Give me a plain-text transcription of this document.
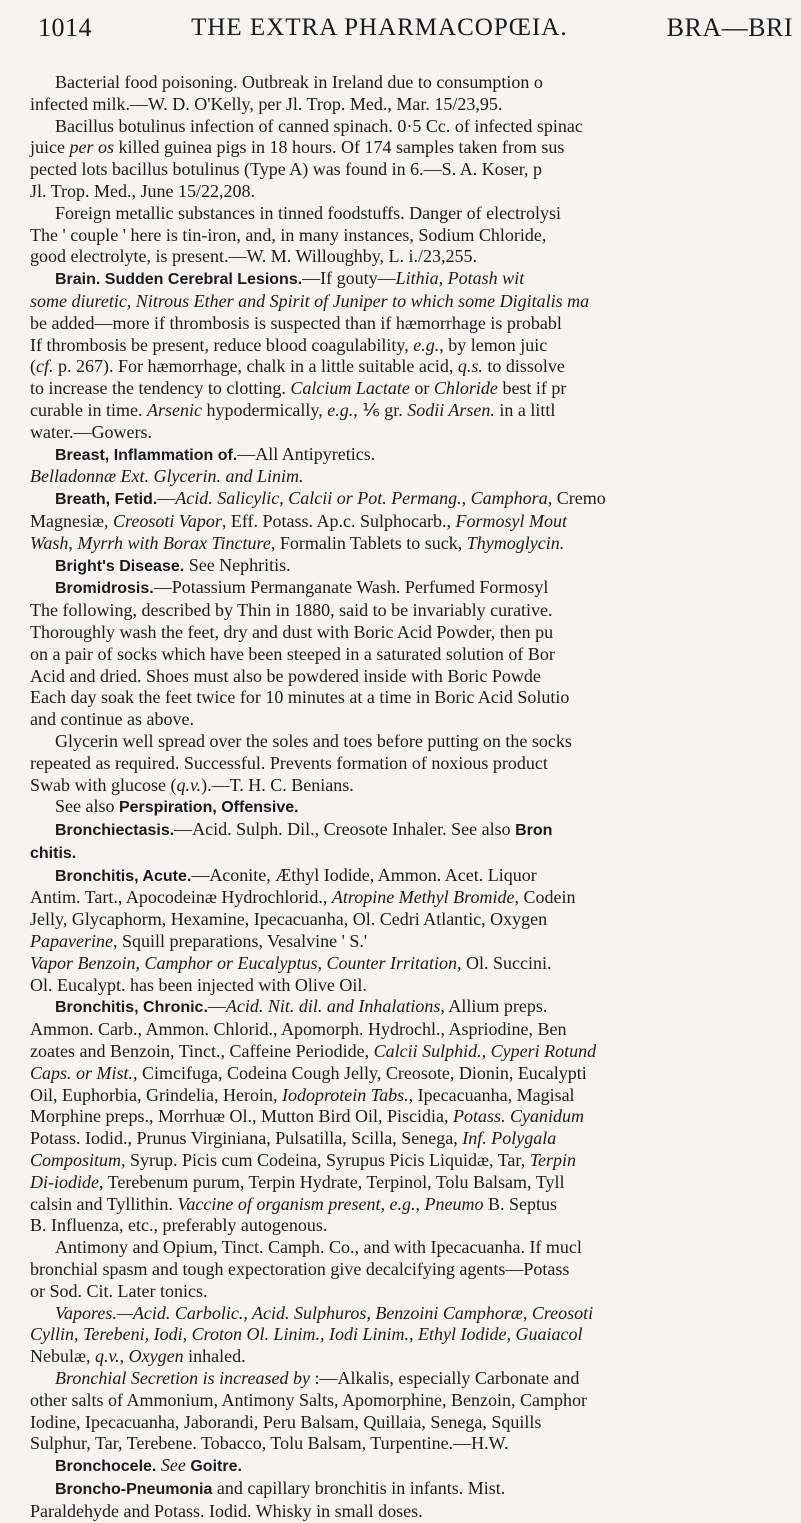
1014	THE EXTRA PHARMACOPŒIA.	BRA—BRI

Bacterial food poisoning. Outbreak in Ireland due to consumption o

infected milk.—W. D. O'Kelly, per Jl. Trop. Med., Mar. 15/23,95.

Bacillus botulinus infection of canned spinach. 0·5 Cc. of infected spinac

juice per os killed guinea pigs in 18 hours. Of 174 samples taken from sus

pected lots bacillus botulinus (Type A) was found in 6.—S. A. Koser, p

Jl. Trop. Med., June 15/22,208.

Foreign metallic substances in tinned foodstuffs. Danger of electrolysi

The ' couple ' here is tin-iron, and, in many instances, Sodium Chloride,

good electrolyte, is present.—W. M. Willoughby, L. i./23,255.

Brain. Sudden Cerebral Lesions.—If gouty—Lithia, Potash wit

some diuretic, Nitrous Ether and Spirit of Juniper to which some Digitalis ma

be added—more if thrombosis is suspected than if hæmorrhage is probabl

If thrombosis be present, reduce blood coagulability, e.g., by lemon juic

(cf. p. 267). For hæmorrhage, chalk in a little suitable acid, q.s. to dissolve

to increase the tendency to clotting. Calcium Lactate or Chloride best if pr

curable in time. Arsenic hypodermically, e.g., ⅙ gr. Sodii Arsen. in a littl

water.—Gowers.

Breast, Inflammation of.—All Antipyretics.

Belladonnæ Ext. Glycerin. and Linim.

Breath, Fetid.—Acid. Salicylic, Calcii or Pot. Permang., Camphora, Cremo

Magnesiæ, Creosoti Vapor, Eff. Potass. Ap.c. Sulphocarb., Formosyl Mout

Wash, Myrrh with Borax Tincture, Formalin Tablets to suck, Thymoglycin.

Bright's Disease. See Nephritis.

Bromidrosis.—Potassium Permanganate Wash. Perfumed Formosyl

The following, described by Thin in 1880, said to be invariably curative.

Thoroughly wash the feet, dry and dust with Boric Acid Powder, then pu

on a pair of socks which have been steeped in a saturated solution of Bor

Acid and dried. Shoes must also be powdered inside with Boric Powde

Each day soak the feet twice for 10 minutes at a time in Boric Acid Solutio

and continue as above.

Glycerin well spread over the soles and toes before putting on the socks

repeated as required. Successful. Prevents formation of noxious product

Swab with glucose (q.v.).—T. H. C. Benians.

See also Perspiration, Offensive.

Bronchiectasis.—Acid. Sulph. Dil., Creosote Inhaler. See also Bron

chitis.

Bronchitis, Acute.—Aconite, Æthyl Iodide, Ammon. Acet. Liquor

Antim. Tart., Apocodeinæ Hydrochlorid., Atropine Methyl Bromide, Codein

Jelly, Glycaphorm, Hexamine, Ipecacuanha, Ol. Cedri Atlantic, Oxygen

Papaverine, Squill preparations, Vesalvine ' S.'

Vapor Benzoin, Camphor or Eucalyptus, Counter Irritation, Ol. Succini.

Ol. Eucalypt. has been injected with Olive Oil.

Bronchitis, Chronic.—Acid. Nit. dil. and Inhalations, Allium preps.

Ammon. Carb., Ammon. Chlorid., Apomorph. Hydrochl., Aspriodine, Ben

zoates and Benzoin, Tinct., Caffeine Periodide, Calcii Sulphid., Cyperi Rotund

Caps. or Mist., Cimcifuga, Codeina Cough Jelly, Creosote, Dionin, Eucalypti

Oil, Euphorbia, Grindelia, Heroin, Iodoprotein Tabs., Ipecacuanha, Magisal

Morphine preps., Morrhuæ Ol., Mutton Bird Oil, Piscidia, Potass. Cyanidum

Potass. Iodid., Prunus Virginiana, Pulsatilla, Scilla, Senega, Inf. Polygala

Compositum, Syrup. Picis cum Codeina, Syrupus Picis Liquidæ, Tar, Terpin

Di-iodide, Terebenum purum, Terpin Hydrate, Terpinol, Tolu Balsam, Tyll

calsin and Tyllithin. Vaccine of organism present, e.g., Pneumo B. Septus

B. Influenza, etc., preferably autogenous.

Antimony and Opium, Tinct. Camph. Co., and with Ipecacuanha. If mucl

bronchial spasm and tough expectoration give decalcifying agents—Potass

or Sod. Cit. Later tonics.

Vapores.—Acid. Carbolic., Acid. Sulphuros, Benzoini Camphoræ, Creosoti

Cyllin, Terebeni, Iodi, Croton Ol. Linim., Iodi Linim., Ethyl Iodide, Guaiacol

Nebulæ, q.v., Oxygen inhaled.

Bronchial Secretion is increased by :—Alkalis, especially Carbonate and

other salts of Ammonium, Antimony Salts, Apomorphine, Benzoin, Camphor

Iodine, Ipecacuanha, Jaborandi, Peru Balsam, Quillaia, Senega, Squills

Sulphur, Tar, Terebene. Tobacco, Tolu Balsam, Turpentine.—H.W.

Bronchocele. See Goitre.

Broncho-Pneumonia and capillary bronchitis in infants. Mist.

Paraldehyde and Potass. Iodid. Whisky in small doses.
